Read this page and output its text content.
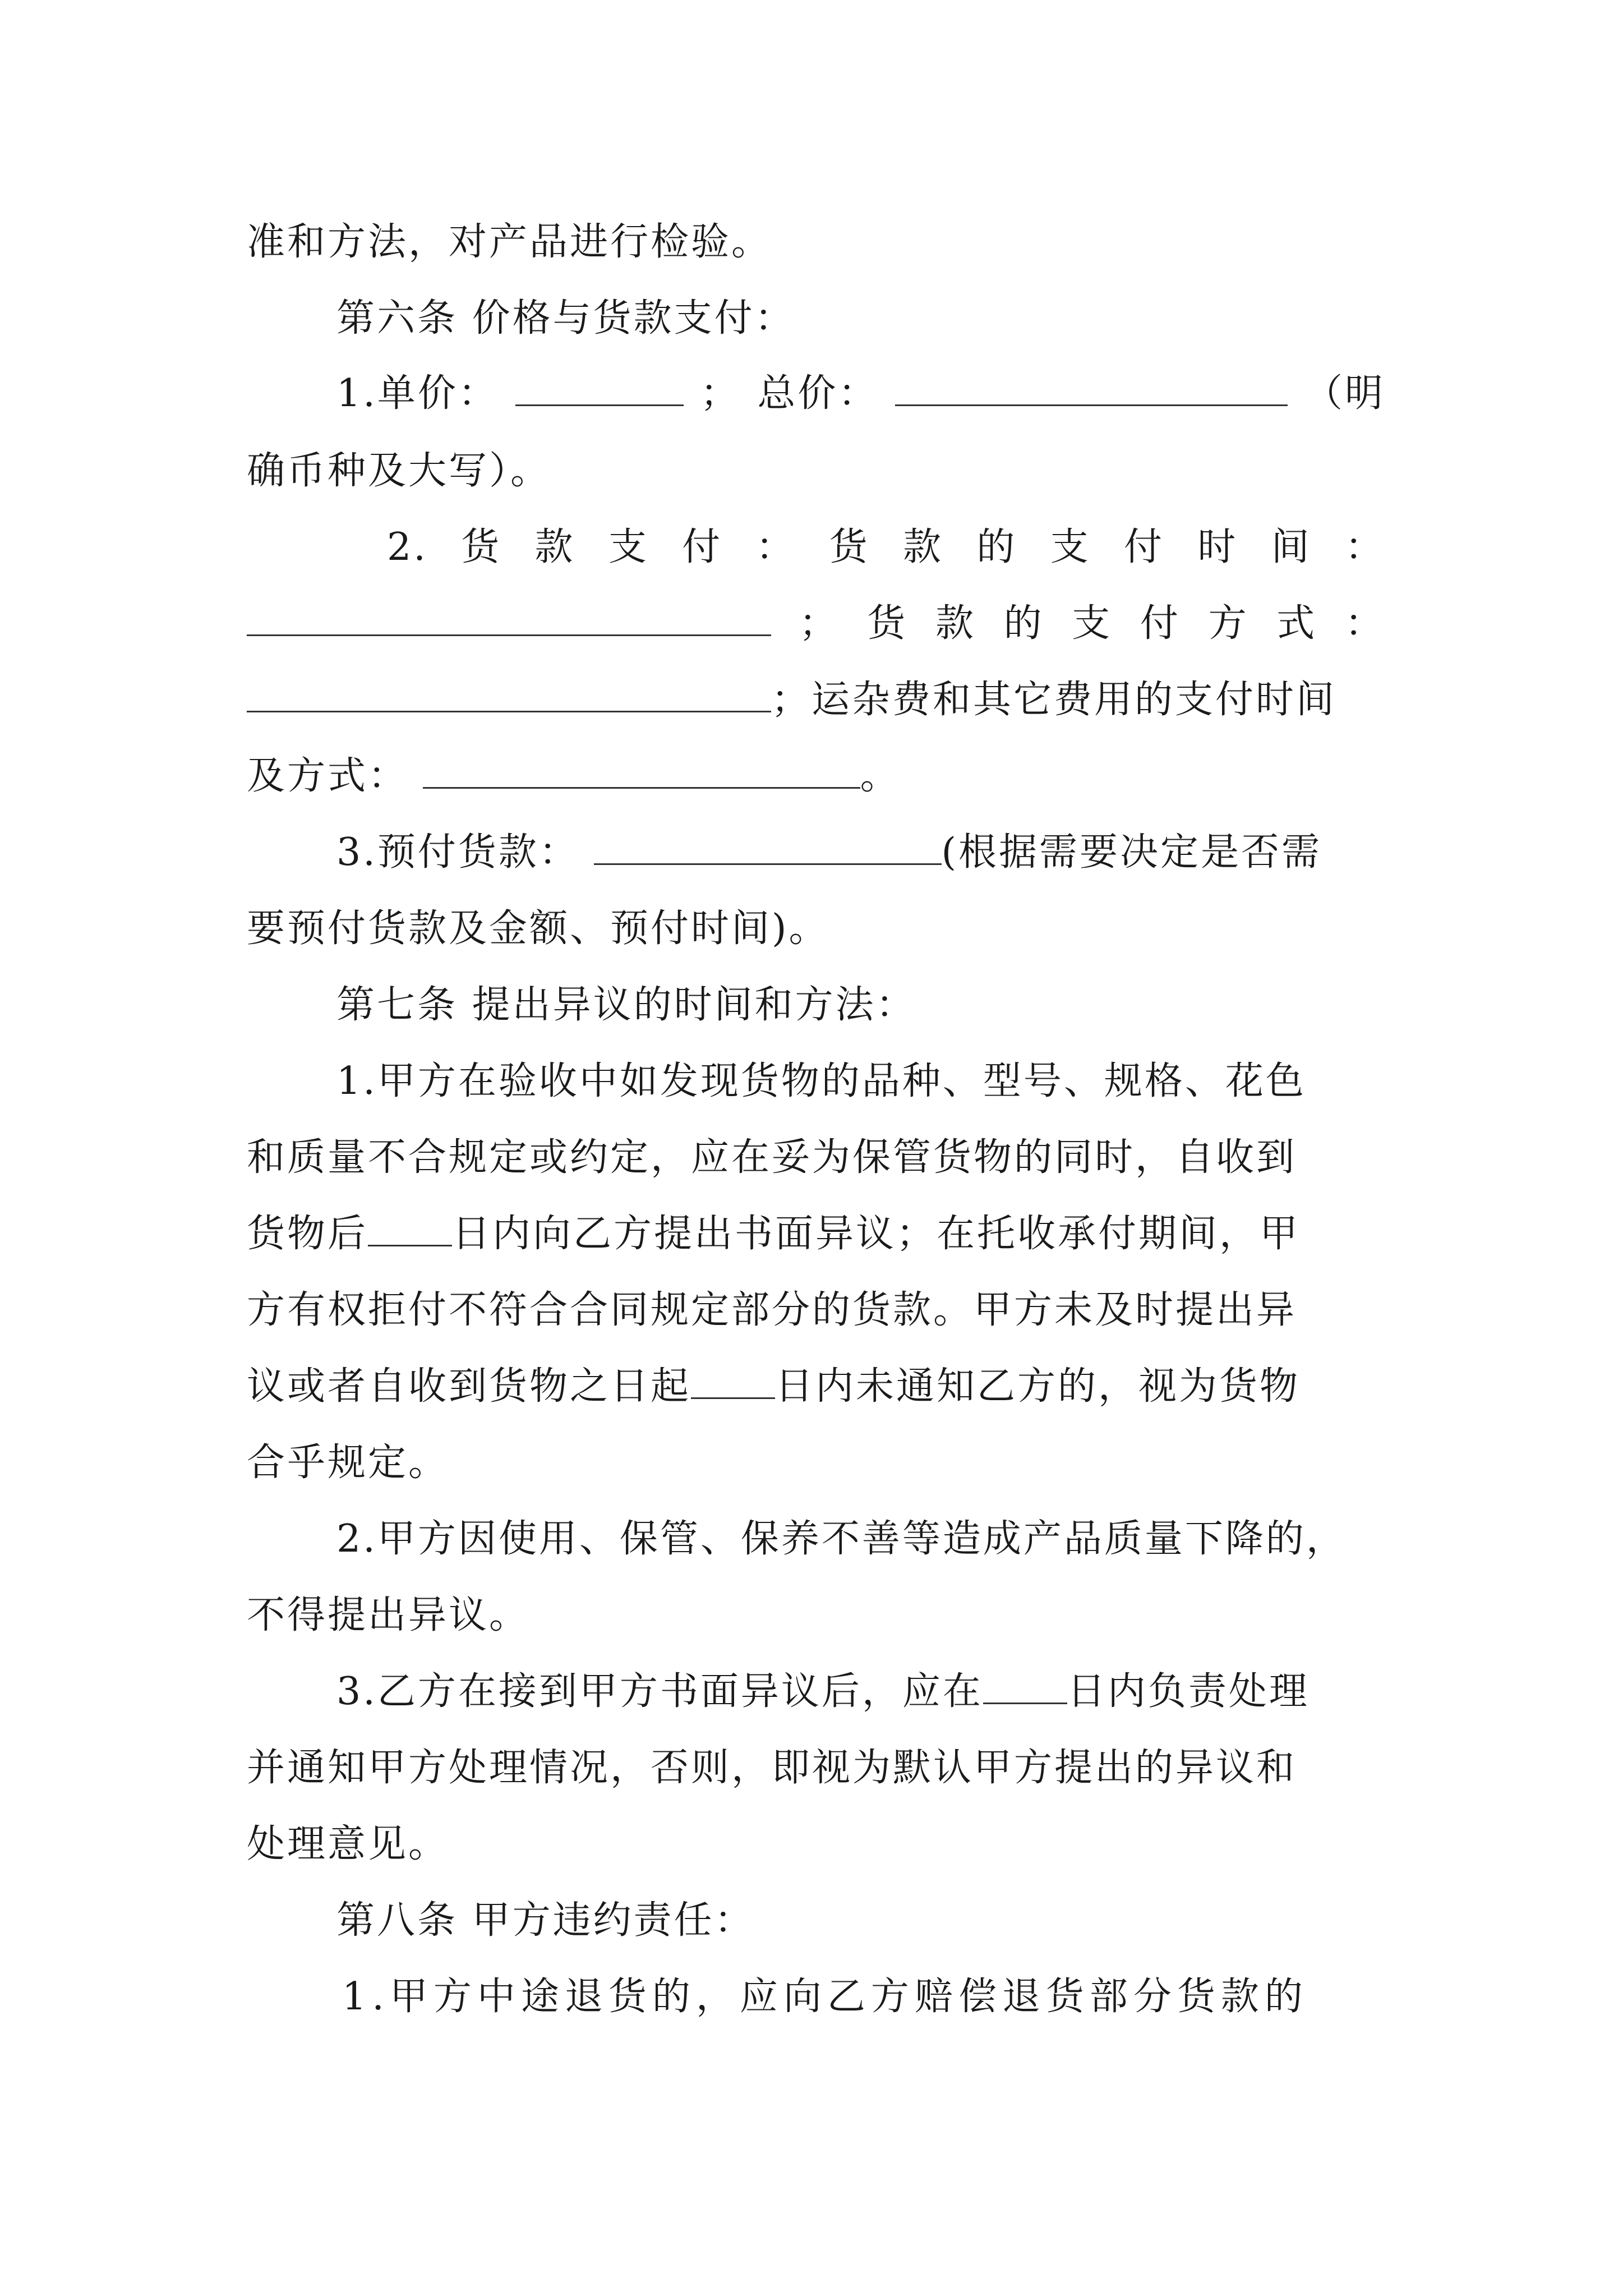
准和方法，对产品进行检验。
第六条 价格与货款支付：
1.单价：	； 总价：	（明
确币种及大写）。
2. 货 款 支 付 ： 货 款 的 支 付 时 间 ：
； 货 款 的 支 付 方 式 ：
；运杂费和其它费用的支付时间
及方式：	。
3.预付货款：	(根据需要决定是否需
要预付货款及金额、预付时间)。
第七条 提出异议的时间和方法：
1.甲方在验收中如发现货物的品种、型号、规格、花色
和质量不合规定或约定，应在妥为保管货物的同时，自收到
货物后 日内向乙方提出书面异议；在托收承付期间，甲
方有权拒付不符合合同规定部分的货款。甲方未及时提出异
议或者自收到货物之日起 日内未通知乙方的，视为货物
合乎规定。
2.甲方因使用、保管、保养不善等造成产品质量下降的，
不得提出异议。
3.乙方在接到甲方书面异议后，应在 日内负责处理
并通知甲方处理情况，否则，即视为默认甲方提出的异议和
处理意见。
第八条 甲方违约责任：
1.甲方中途退货的，应向乙方赔偿退货部分货款的
